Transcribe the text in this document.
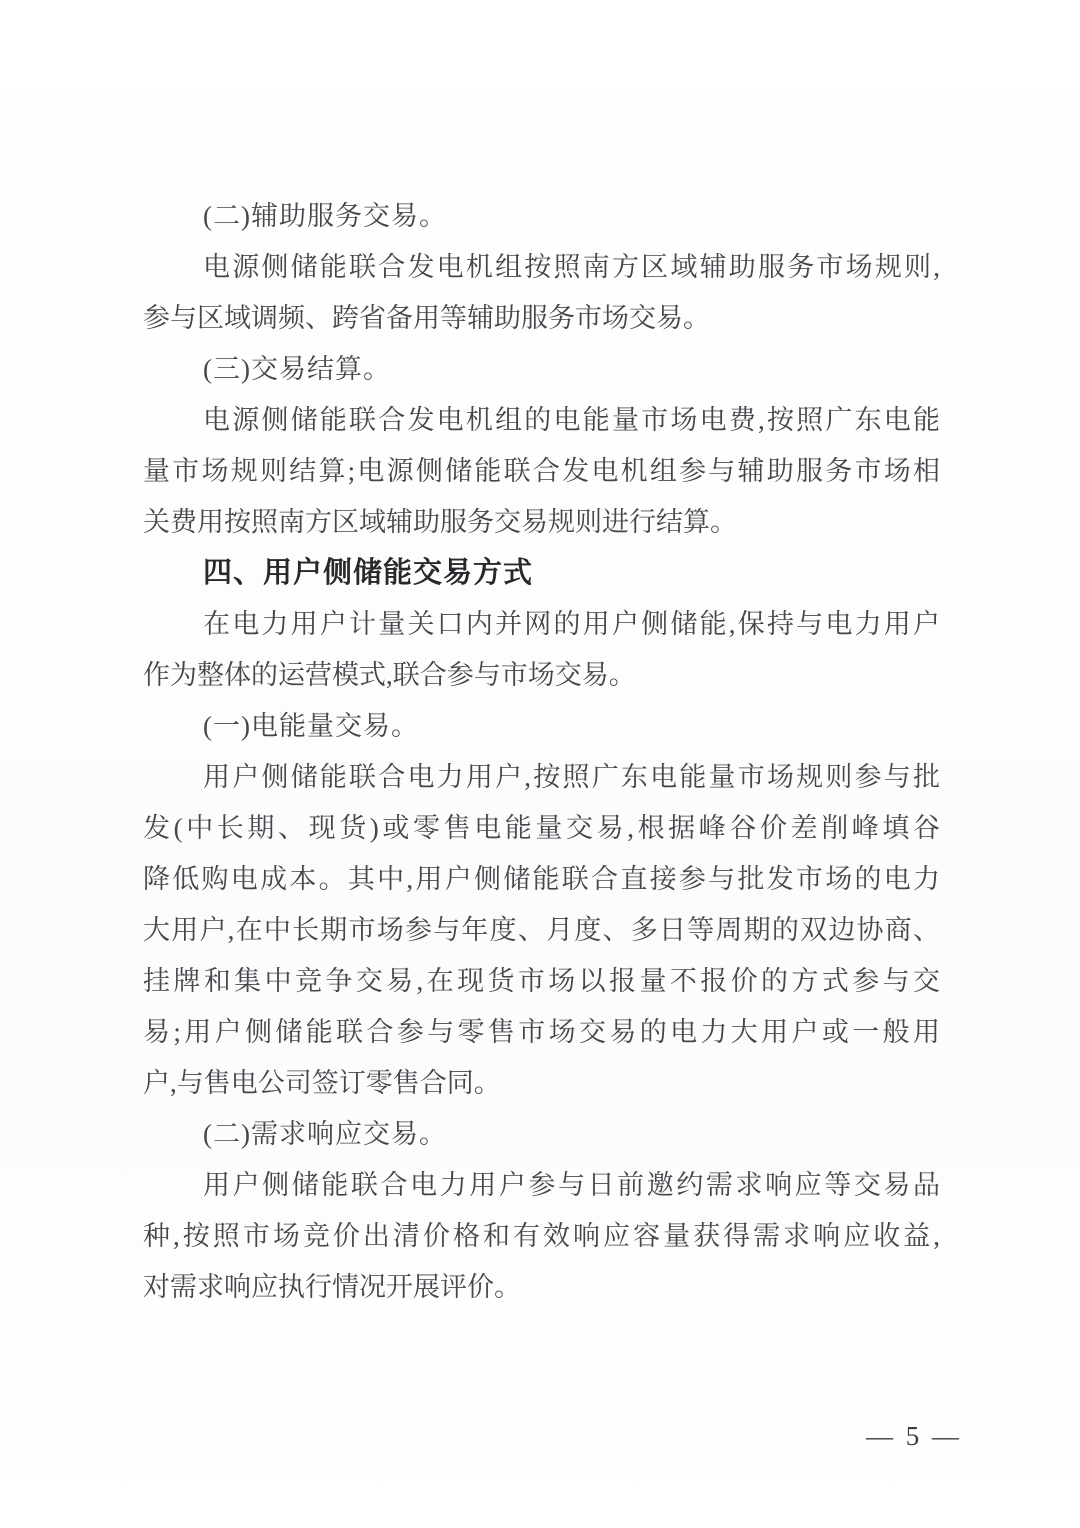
(二)辅助服务交易。

电源侧储能联合发电机组按照南方区域辅助服务市场规则,
参与区域调频、跨省备用等辅助服务市场交易。

(三)交易结算。

电源侧储能联合发电机组的电能量市场电费,按照广东电能
量市场规则结算;电源侧储能联合发电机组参与辅助服务市场相
关费用按照南方区域辅助服务交易规则进行结算。

四、用户侧储能交易方式

在电力用户计量关口内并网的用户侧储能,保持与电力用户
作为整体的运营模式,联合参与市场交易。

(一)电能量交易。

用户侧储能联合电力用户,按照广东电能量市场规则参与批
发(中长期、现货)或零售电能量交易,根据峰谷价差削峰填谷
降低购电成本。其中,用户侧储能联合直接参与批发市场的电力
大用户,在中长期市场参与年度、月度、多日等周期的双边协商、
挂牌和集中竞争交易,在现货市场以报量不报价的方式参与交
易;用户侧储能联合参与零售市场交易的电力大用户或一般用
户,与售电公司签订零售合同。

(二)需求响应交易。

用户侧储能联合电力用户参与日前邀约需求响应等交易品
种,按照市场竞价出清价格和有效响应容量获得需求响应收益,
对需求响应执行情况开展评价。

— 5 —
